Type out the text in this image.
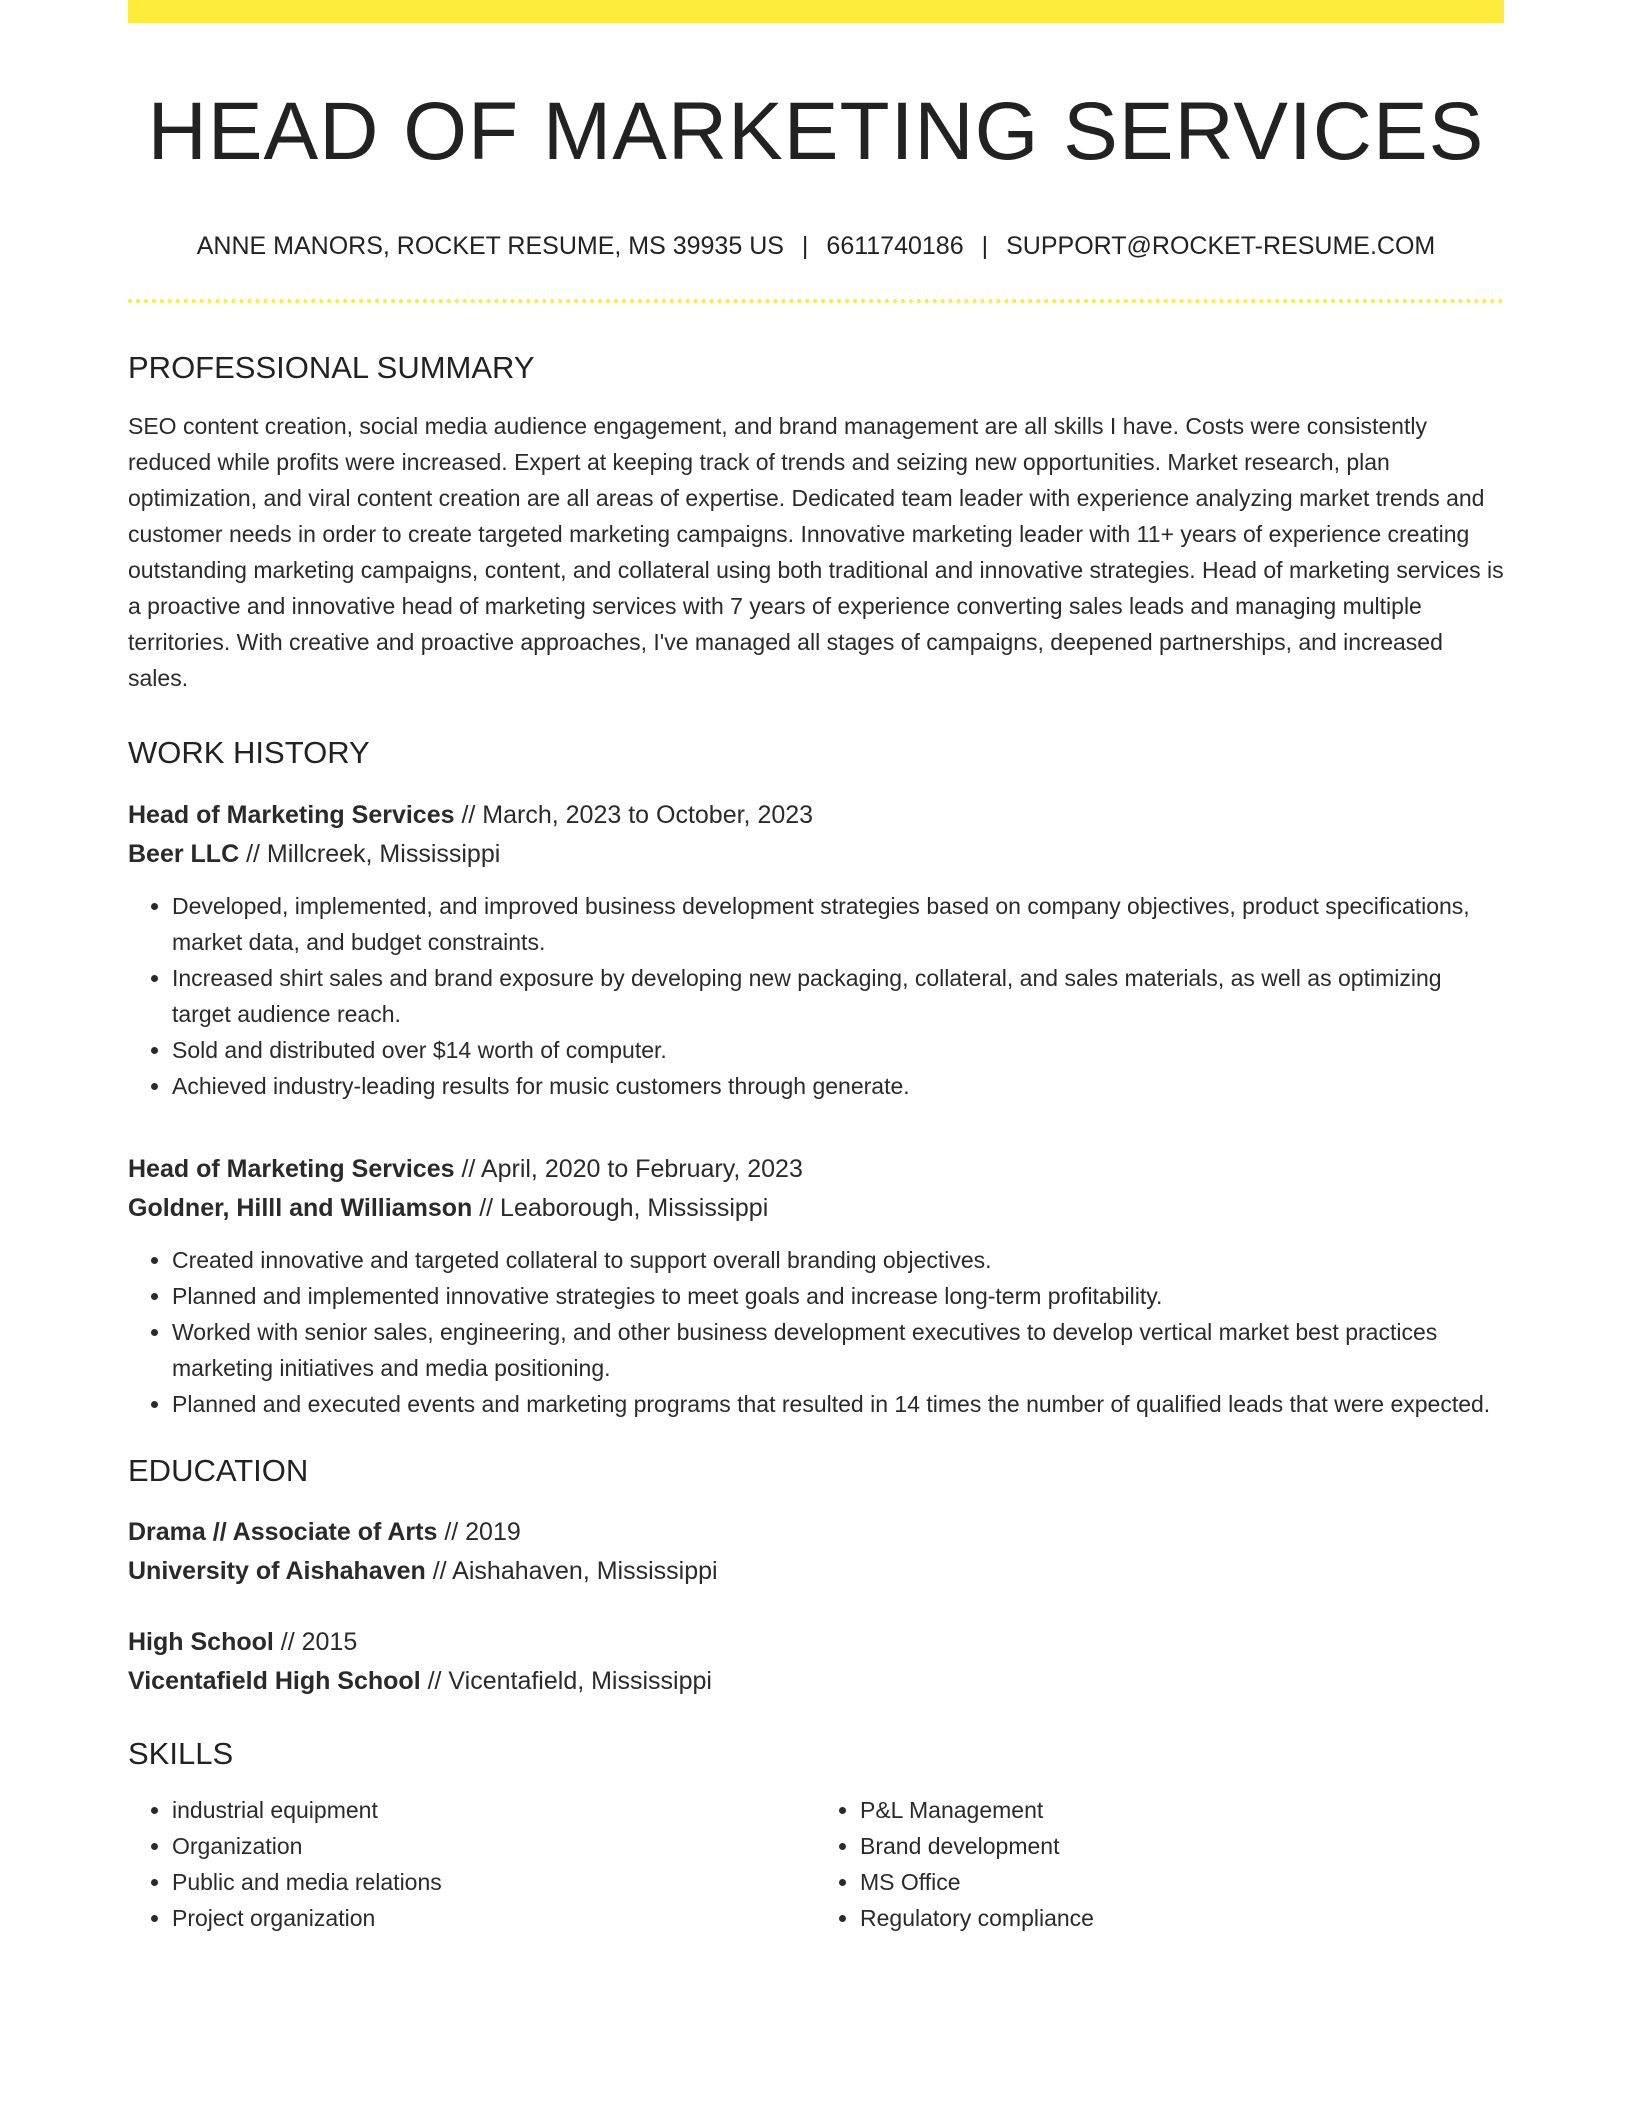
HEAD OF MARKETING SERVICES
ANNE MANORS, ROCKET RESUME, MS 39935 US | 6611740186 | SUPPORT@ROCKET-RESUME.COM
PROFESSIONAL SUMMARY
SEO content creation, social media audience engagement, and brand management are all skills I have. Costs were consistently reduced while profits were increased. Expert at keeping track of trends and seizing new opportunities. Market research, plan optimization, and viral content creation are all areas of expertise. Dedicated team leader with experience analyzing market trends and customer needs in order to create targeted marketing campaigns. Innovative marketing leader with 11+ years of experience creating outstanding marketing campaigns, content, and collateral using both traditional and innovative strategies. Head of marketing services is a proactive and innovative head of marketing services with 7 years of experience converting sales leads and managing multiple territories. With creative and proactive approaches, I've managed all stages of campaigns, deepened partnerships, and increased sales.
WORK HISTORY
Head of Marketing Services // March, 2023 to October, 2023
Beer LLC // Millcreek, Mississippi
• Developed, implemented, and improved business development strategies based on company objectives, product specifications, market data, and budget constraints.
• Increased shirt sales and brand exposure by developing new packaging, collateral, and sales materials, as well as optimizing target audience reach.
• Sold and distributed over $14 worth of computer.
• Achieved industry-leading results for music customers through generate.
Head of Marketing Services // April, 2020 to February, 2023
Goldner, Hilll and Williamson // Leaborough, Mississippi
• Created innovative and targeted collateral to support overall branding objectives.
• Planned and implemented innovative strategies to meet goals and increase long-term profitability.
• Worked with senior sales, engineering, and other business development executives to develop vertical market best practices marketing initiatives and media positioning.
• Planned and executed events and marketing programs that resulted in 14 times the number of qualified leads that were expected.
EDUCATION
Drama // Associate of Arts // 2019
University of Aishahaven // Aishahaven, Mississippi
High School // 2015
Vicentafield High School // Vicentafield, Mississippi
SKILLS
• industrial equipment
• Organization
• Public and media relations
• Project organization
• P&L Management
• Brand development
• MS Office
• Regulatory compliance
